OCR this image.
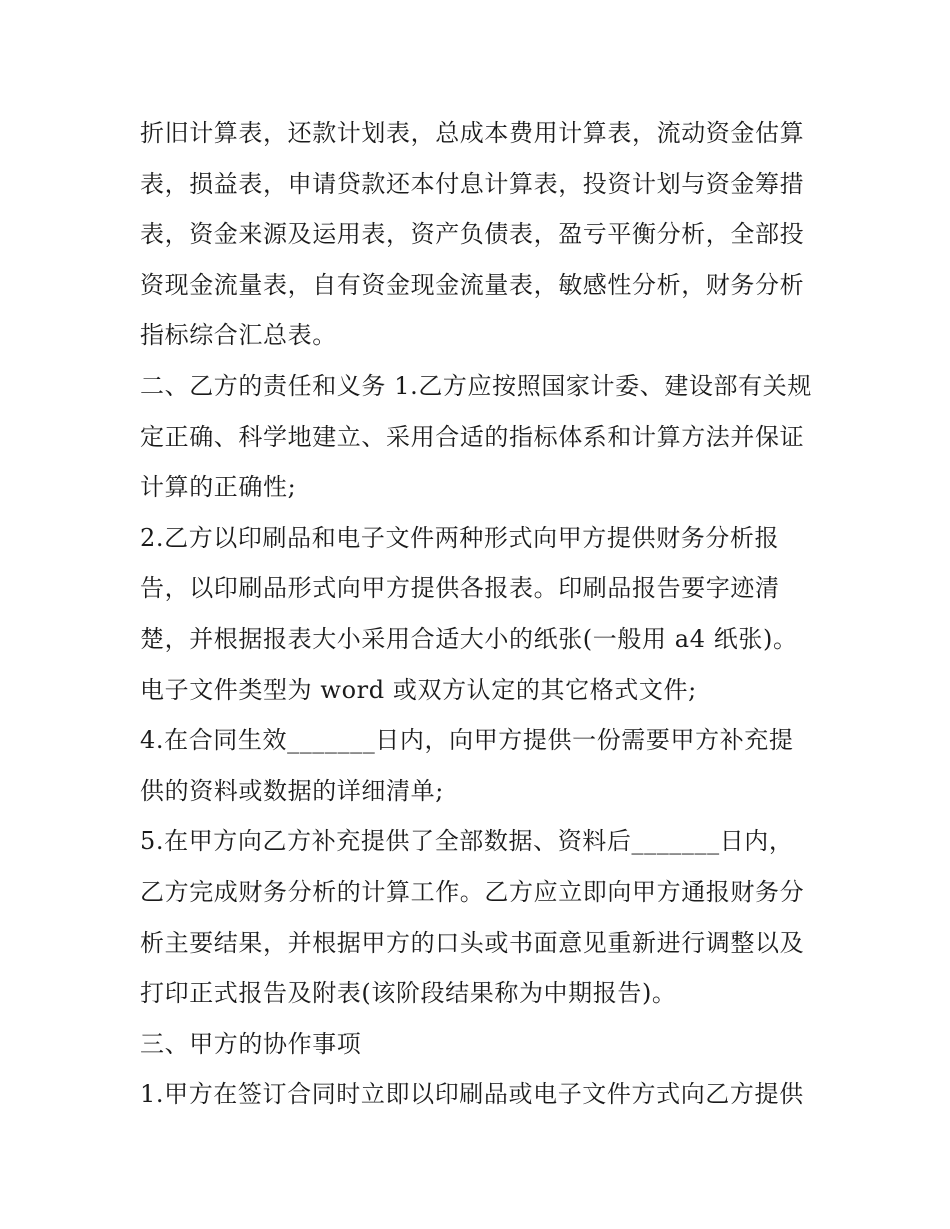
折旧计算表，还款计划表，总成本费用计算表，流动资金估算
表，损益表，申请贷款还本付息计算表，投资计划与资金筹措
表，资金来源及运用表，资产负债表，盈亏平衡分析，全部投
资现金流量表，自有资金现金流量表，敏感性分析，财务分析
指标综合汇总表。
二、乙方的责任和义务 1.乙方应按照国家计委、建设部有关规
定正确、科学地建立、采用合适的指标体系和计算方法并保证
计算的正确性;
2.乙方以印刷品和电子文件两种形式向甲方提供财务分析报
告，以印刷品形式向甲方提供各报表。印刷品报告要字迹清
楚，并根据报表大小采用合适大小的纸张(一般用 a4 纸张)。
电子文件类型为 word 或双方认定的其它格式文件;
4.在合同生效_______日内，向甲方提供一份需要甲方补充提
供的资料或数据的详细清单;
5.在甲方向乙方补充提供了全部数据、资料后_______日内，
乙方完成财务分析的计算工作。乙方应立即向甲方通报财务分
析主要结果，并根据甲方的口头或书面意见重新进行调整以及
打印正式报告及附表(该阶段结果称为中期报告)。
三、甲方的协作事项
1.甲方在签订合同时立即以印刷品或电子文件方式向乙方提供
